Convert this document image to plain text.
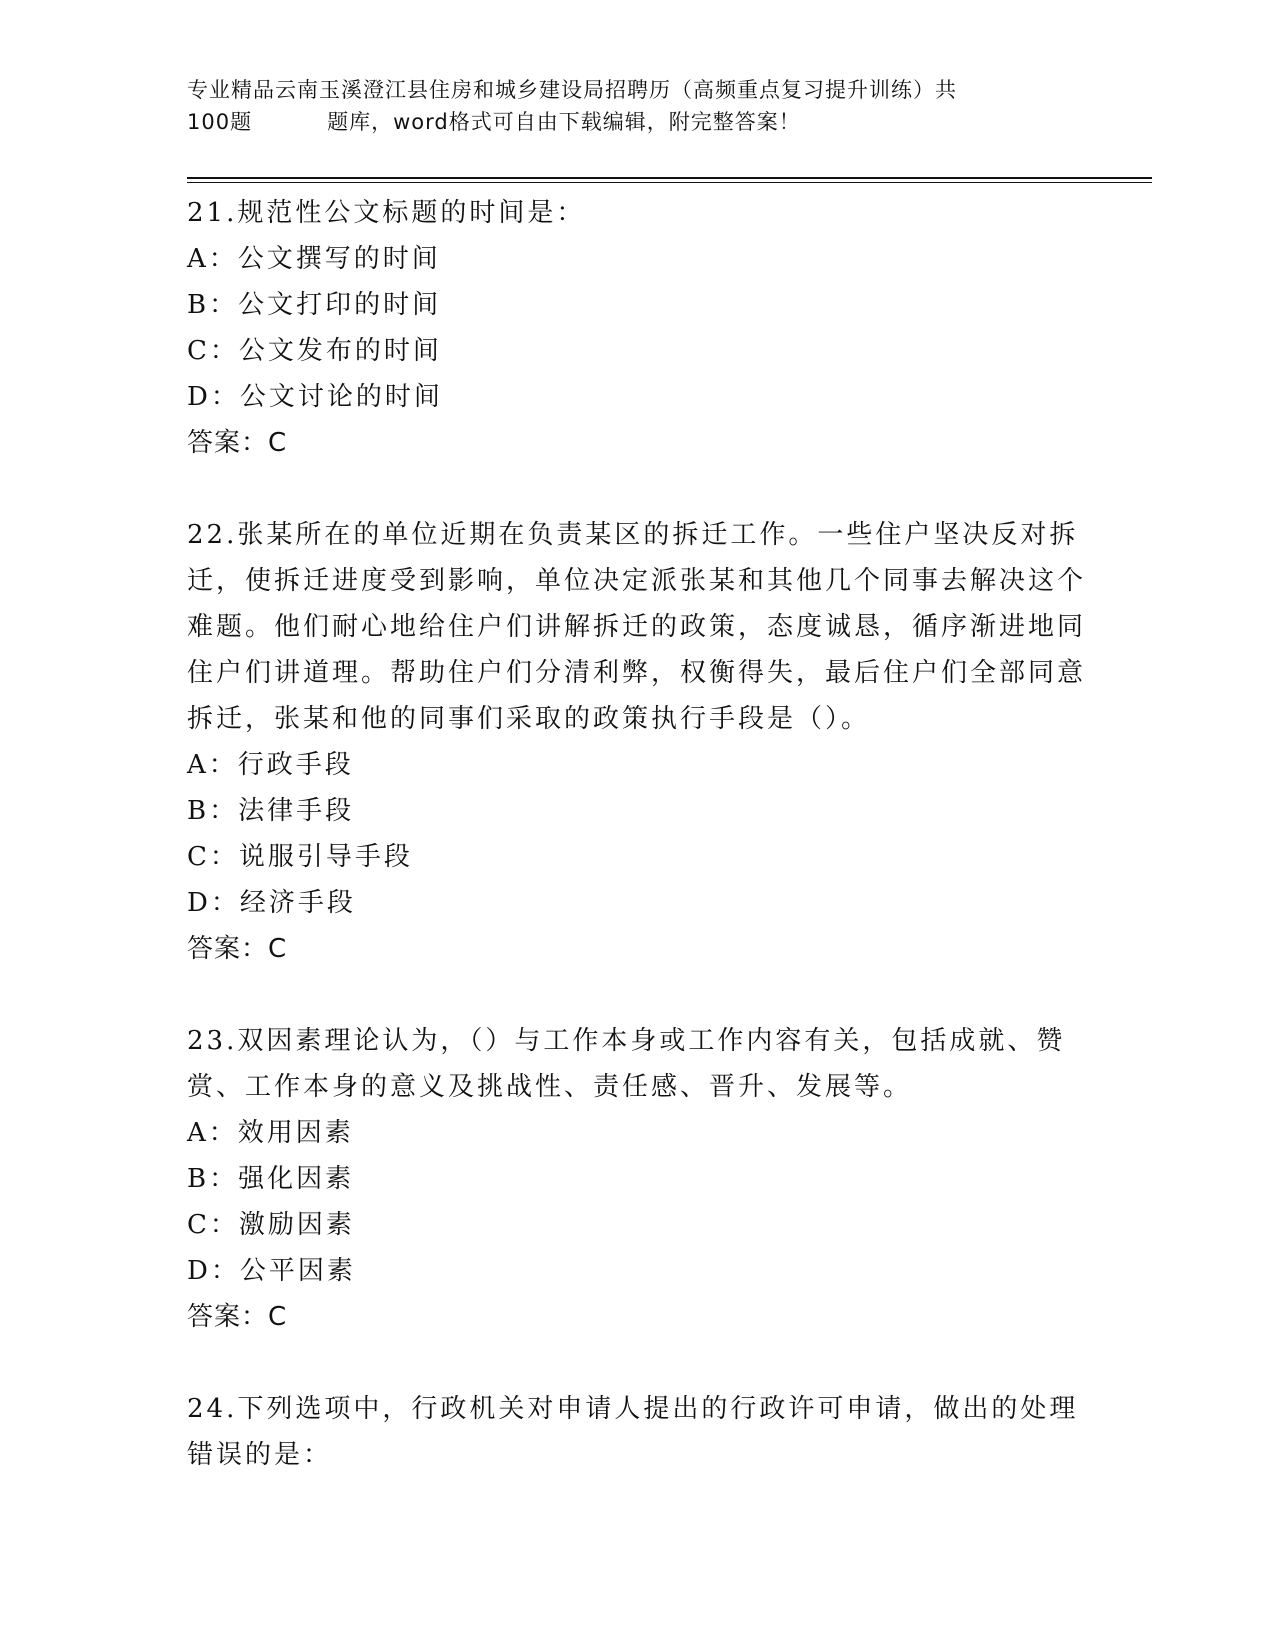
专业精品云南玉溪澄江县住房和城乡建设局招聘历（高频重点复习提升训练）共
100题	题库，word格式可自由下载编辑，附完整答案！

21.规范性公文标题的时间是：

A：公文撰写的时间

B：公文打印的时间

C：公文发布的时间

D：公文讨论的时间

答案：C

22.张某所在的单位近期在负责某区的拆迁工作。一些住户坚决反对拆迁，使拆迁进度受到影响，单位决定派张某和其他几个同事去解决这个难题。他们耐心地给住户们讲解拆迁的政策，态度诚恳，循序渐进地同住户们讲道理。帮助住户们分清利弊，权衡得失，最后住户们全部同意拆迁，张某和他的同事们采取的政策执行手段是（）。

A：行政手段

B：法律手段

C：说服引导手段

D：经济手段

答案：C

23.双因素理论认为，（）与工作本身或工作内容有关，包括成就、赞赏、工作本身的意义及挑战性、责任感、晋升、发展等。

A：效用因素

B：强化因素

C：激励因素

D：公平因素

答案：C

24.下列选项中，行政机关对申请人提出的行政许可申请，做出的处理错误的是：
